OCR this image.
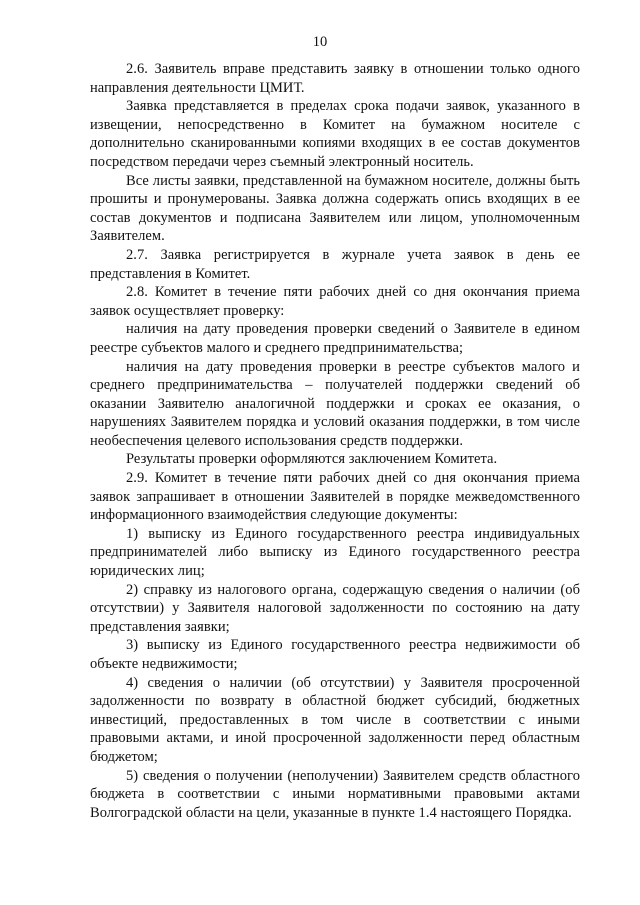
10

2.6. Заявитель вправе представить заявку в отношении только одного направления деятельности ЦМИТ.

Заявка представляется в пределах срока подачи заявок, указанного в извещении, непосредственно в Комитет на бумажном носителе с дополнительно сканированными копиями входящих в ее состав документов посредством передачи через съемный электронный носитель.

Все листы заявки, представленной на бумажном носителе, должны быть прошиты и пронумерованы. Заявка должна содержать опись входящих в ее состав документов и подписана Заявителем или лицом, уполномоченным Заявителем.

2.7. Заявка регистрируется в журнале учета заявок в день ее представления в Комитет.

2.8. Комитет в течение пяти рабочих дней со дня окончания приема заявок осуществляет проверку:

наличия на дату проведения проверки сведений о Заявителе в едином реестре субъектов малого и среднего предпринимательства;

наличия на дату проведения проверки в реестре субъектов малого и среднего предпринимательства – получателей поддержки сведений об оказании Заявителю аналогичной поддержки и сроках ее оказания, о нарушениях Заявителем порядка и условий оказания поддержки, в том числе необеспечения целевого использования средств поддержки.

Результаты проверки оформляются заключением Комитета.

2.9. Комитет в течение пяти рабочих дней со дня окончания приема заявок запрашивает в отношении Заявителей в порядке межведомственного информационного взаимодействия следующие документы:

1) выписку из Единого государственного реестра индивидуальных предпринимателей либо выписку из Единого государственного реестра юридических лиц;

2) справку из налогового органа, содержащую сведения о наличии (об отсутствии) у Заявителя налоговой задолженности по состоянию на дату представления заявки;

3) выписку из Единого государственного реестра недвижимости об объекте недвижимости;

4) сведения о наличии (об отсутствии) у Заявителя просроченной задолженности по возврату в областной бюджет субсидий, бюджетных инвестиций, предоставленных в том числе в соответствии с иными правовыми актами, и иной просроченной задолженности перед областным бюджетом;

5) сведения о получении (неполучении) Заявителем средств областного бюджета в соответствии с иными нормативными правовыми актами Волгоградской области на цели, указанные в пункте 1.4 настоящего Порядка.
